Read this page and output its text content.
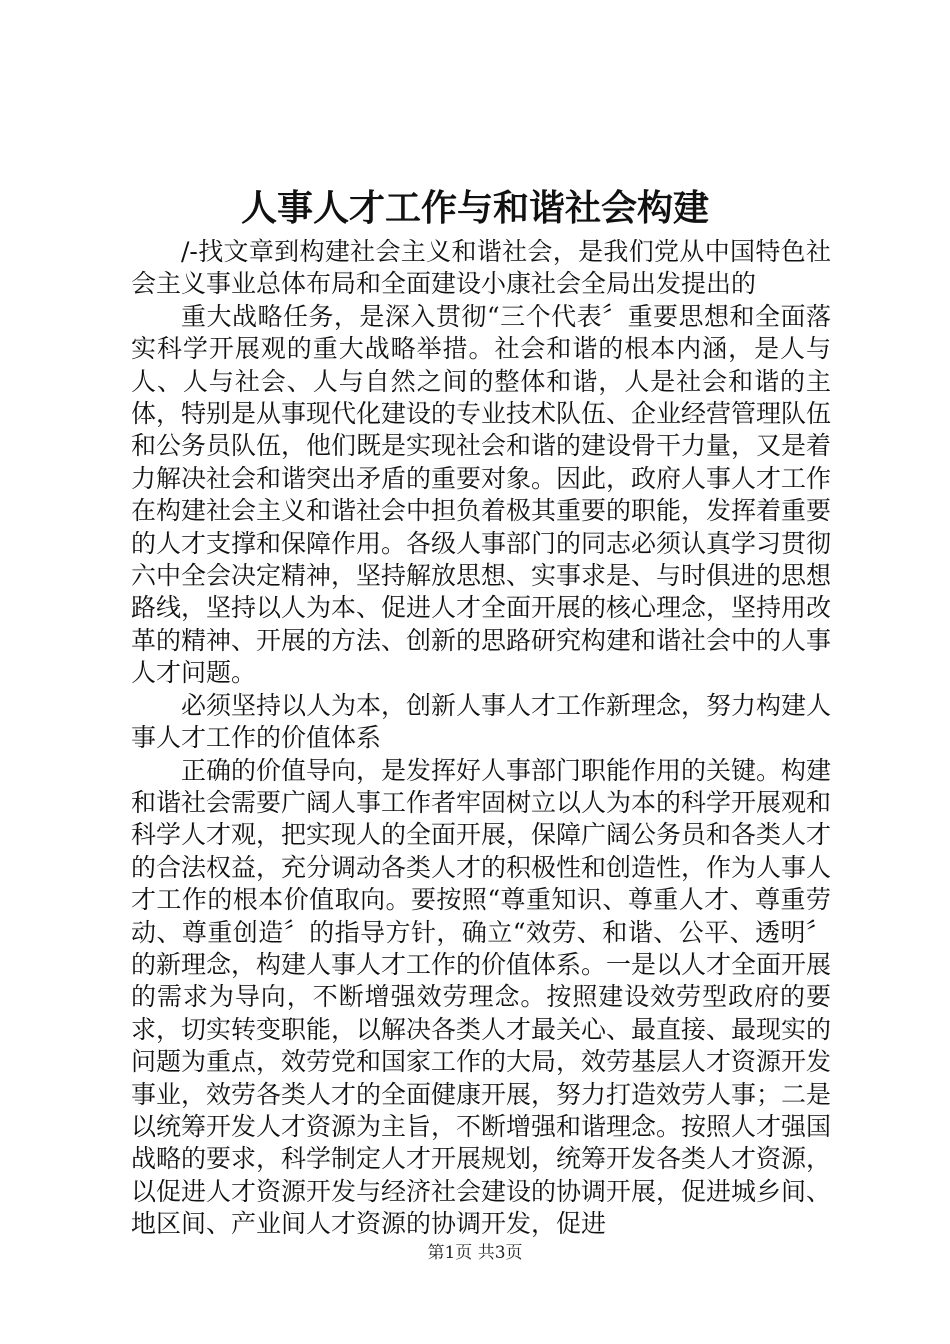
人事人才工作与和谐社会构建

/-找文章到构建社会主义和谐社会，是我们党从中国特色社会主义事业总体布局和全面建设小康社会全局出发提出的

重大战略任务，是深入贯彻“三个代表〞重要思想和全面落实科学开展观的重大战略举措。社会和谐的根本内涵，是人与人、人与社会、人与自然之间的整体和谐，人是社会和谐的主体，特别是从事现代化建设的专业技术队伍、企业经营管理队伍和公务员队伍，他们既是实现社会和谐的建设骨干力量，又是着力解决社会和谐突出矛盾的重要对象。因此，政府人事人才工作在构建社会主义和谐社会中担负着极其重要的职能，发挥着重要的人才支撑和保障作用。各级人事部门的同志必须认真学习贯彻六中全会决定精神，坚持解放思想、实事求是、与时俱进的思想路线，坚持以人为本、促进人才全面开展的核心理念，坚持用改革的精神、开展的方法、创新的思路研究构建和谐社会中的人事人才问题。

必须坚持以人为本，创新人事人才工作新理念，努力构建人事人才工作的价值体系

正确的价值导向，是发挥好人事部门职能作用的关键。构建和谐社会需要广阔人事工作者牢固树立以人为本的科学开展观和科学人才观，把实现人的全面开展，保障广阔公务员和各类人才的合法权益，充分调动各类人才的积极性和创造性，作为人事人才工作的根本价值取向。要按照“尊重知识、尊重人才、尊重劳动、尊重创造〞的指导方针，确立“效劳、和谐、公平、透明〞的新理念，构建人事人才工作的价值体系。一是以人才全面开展的需求为导向，不断增强效劳理念。按照建设效劳型政府的要求，切实转变职能，以解决各类人才最关心、最直接、最现实的问题为重点，效劳党和国家工作的大局，效劳基层人才资源开发事业，效劳各类人才的全面健康开展，努力打造效劳人事；二是以统筹开发人才资源为主旨，不断增强和谐理念。按照人才强国战略的要求，科学制定人才开展规划，统筹开发各类人才资源，以促进人才资源开发与经济社会建设的协调开展，促进城乡间、地区间、产业间人才资源的协调开发，促进

第1页 共3页
